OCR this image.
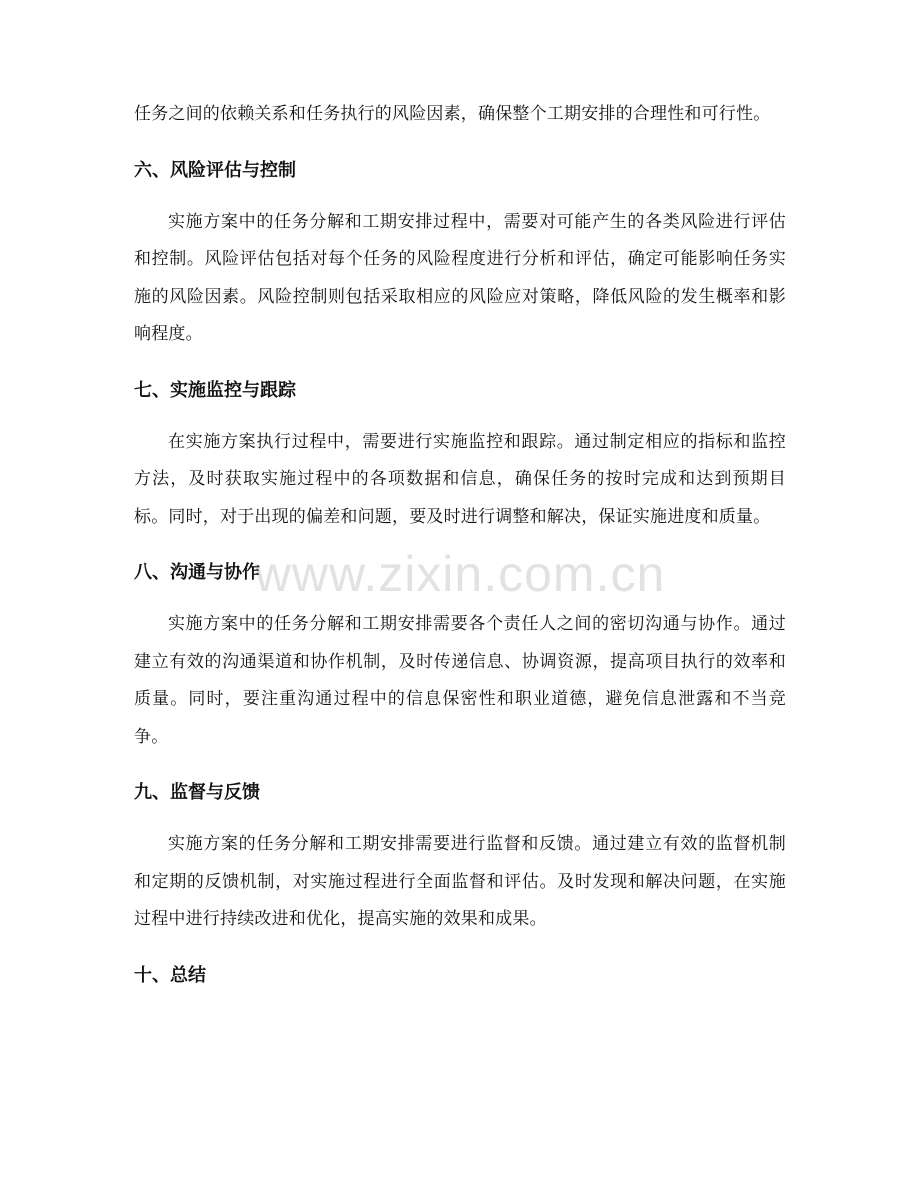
任务之间的依赖关系和任务执行的风险因素，确保整个工期安排的合理性和可行性。

六、风险评估与控制

实施方案中的任务分解和工期安排过程中，需要对可能产生的各类风险进行评估和控制。风险评估包括对每个任务的风险程度进行分析和评估，确定可能影响任务实施的风险因素。风险控制则包括采取相应的风险应对策略，降低风险的发生概率和影响程度。

七、实施监控与跟踪

在实施方案执行过程中，需要进行实施监控和跟踪。通过制定相应的指标和监控方法，及时获取实施过程中的各项数据和信息，确保任务的按时完成和达到预期目标。同时，对于出现的偏差和问题，要及时进行调整和解决，保证实施进度和质量。

八、沟通与协作

实施方案中的任务分解和工期安排需要各个责任人之间的密切沟通与协作。通过建立有效的沟通渠道和协作机制，及时传递信息、协调资源，提高项目执行的效率和质量。同时，要注重沟通过程中的信息保密性和职业道德，避免信息泄露和不当竞争。

九、监督与反馈

实施方案的任务分解和工期安排需要进行监督和反馈。通过建立有效的监督机制和定期的反馈机制，对实施过程进行全面监督和评估。及时发现和解决问题，在实施过程中进行持续改进和优化，提高实施的效果和成果。

十、总结
www.zixin.com.cn
